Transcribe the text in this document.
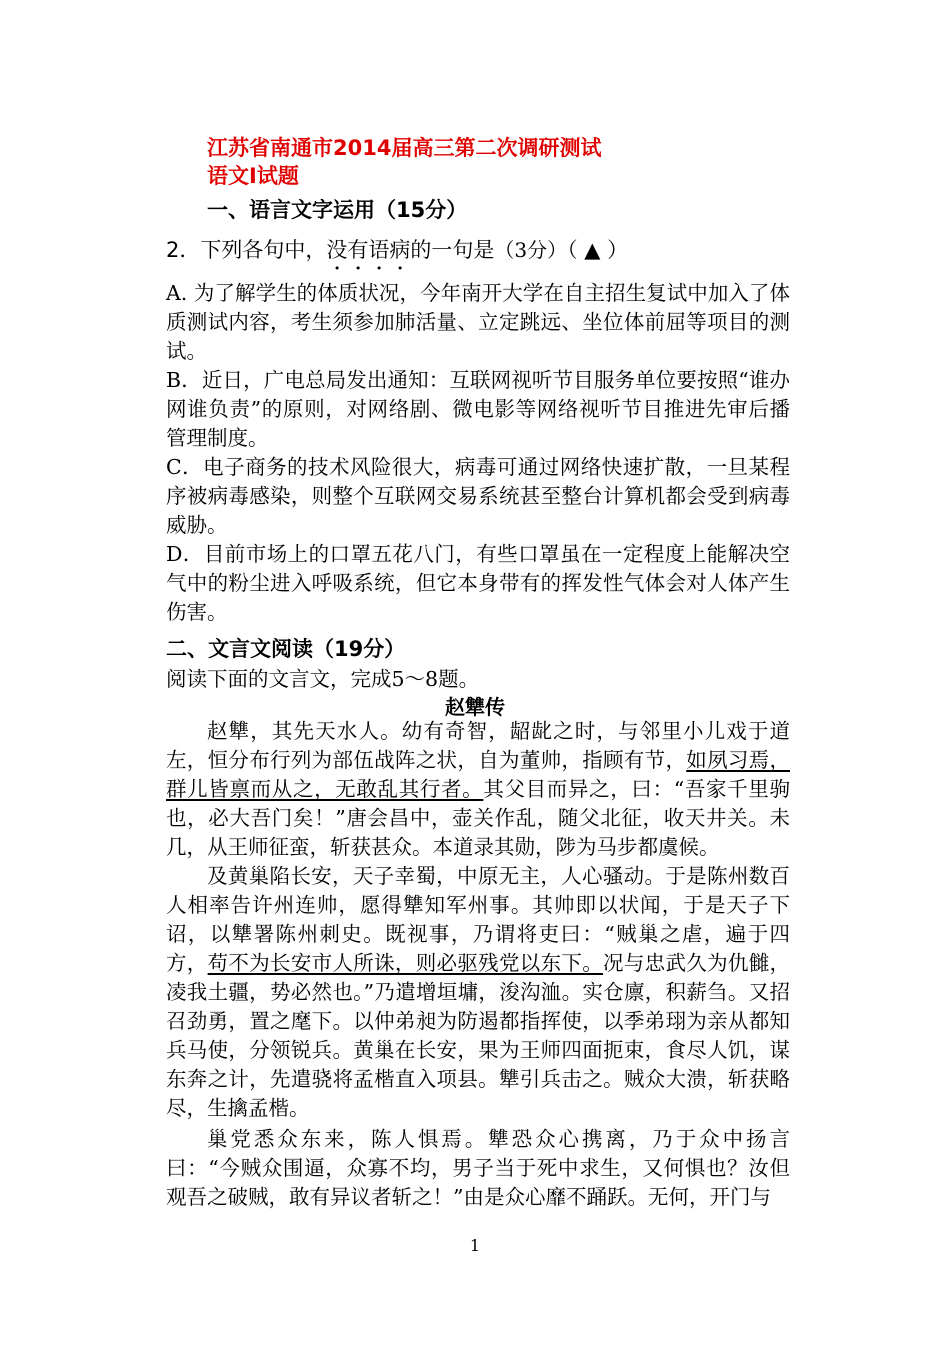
江苏省南通市2014届高三第二次调研测试
语文Ⅰ试题
一、语言文字运用（15分）
2．下列各句中，没有语病的一句是（3分）（ ▲ ）
A. 为了解学生的体质状况，今年南开大学在自主招生复试中加入了体质测试内容，考生须参加肺活量、立定跳远、坐位体前屈等项目的测试。
B．近日，广电总局发出通知：互联网视听节目服务单位要按照“谁办网谁负责”的原则，对网络剧、微电影等网络视听节目推进先审后播管理制度。
C．电子商务的技术风险很大，病毒可通过网络快速扩散，一旦某程序被病毒感染，则整个互联网交易系统甚至整台计算机都会受到病毒威胁。
D．目前市场上的口罩五花八门，有些口罩虽在一定程度上能解决空气中的粉尘进入呼吸系统，但它本身带有的挥发性气体会对人体产生伤害。
二、文言文阅读（19分）
阅读下面的文言文，完成5～8题。
赵犨传
赵犨，其先天水人。幼有奇智，龆龀之时，与邻里小儿戏于道左，恒分布行列为部伍战阵之状，自为董帅，指顾有节，如夙习焉，群儿皆禀而从之，无敢乱其行者。其父目而异之，曰：“吾家千里驹也，必大吾门矣！”唐会昌中，壶关作乱，随父北征，收天井关。未几，从王师征蛮，斩获甚众。本道录其勋，陟为马步都虞候。
及黄巢陷长安，天子幸蜀，中原无主，人心骚动。于是陈州数百人相率告许州连帅，愿得犨知军州事。其帅即以状闻，于是天子下诏，以犨署陈州刺史。既视事，乃谓将吏曰：“贼巢之虐，遍于四方，苟不为长安市人所诛，则必驱残党以东下。况与忠武久为仇雠，凌我土疆，势必然也。”乃遣增垣墉，浚沟洫。实仓廪，积薪刍。又招召劲勇，置之麾下。以仲弟昶为防遏都指挥使，以季弟珝为亲从都知兵马使，分领锐兵。黄巢在长安，果为王师四面扼束，食尽人饥，谋东奔之计，先遣骁将孟楷直入项县。犨引兵击之。贼众大溃，斩获略尽，生擒孟楷。
巢党悉众东来，陈人惧焉。犨恐众心携离，乃于众中扬言曰：“今贼众围逼，众寡不均，男子当于死中求生，又何惧也？汝但观吾之破贼，敢有异议者斩之！”由是众心靡不踊跃。无何，开门与
1
